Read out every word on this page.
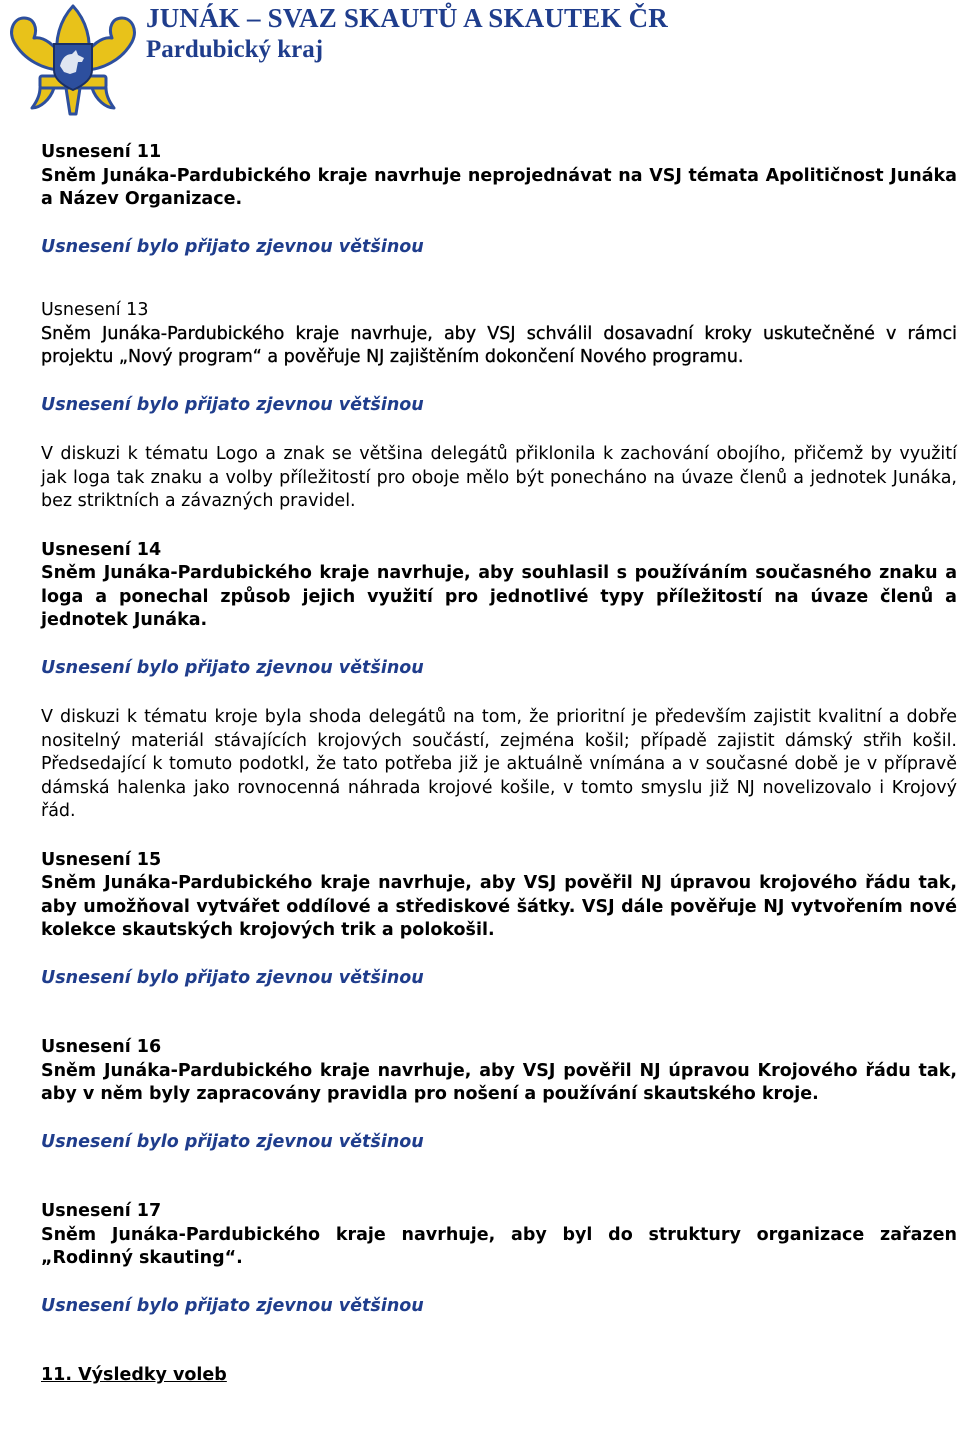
JUNÁK – SVAZ SKAUTŮ A SKAUTEK ČR
Pardubický kraj
Usnesení 11
Sněm Junáka-Pardubického kraje navrhuje neprojednávat na VSJ témata Apolitičnost Junáka a Název Organizace.
Usnesení bylo přijato zjevnou většinou
Usnesení 13
Sněm Junáka-Pardubického kraje navrhuje, aby VSJ schválil dosavadní kroky uskutečněné v rámci projektu „Nový program“ a pověřuje NJ zajištěním dokončení Nového programu.
Usnesení bylo přijato zjevnou většinou
V diskuzi k tématu Logo a znak se většina delegátů přiklonila k zachování obojího, přičemž by využití jak loga tak znaku a volby příležitostí pro oboje mělo být ponecháno na úvaze členů a jednotek Junáka, bez striktních a závazných pravidel.
Usnesení 14
Sněm Junáka-Pardubického kraje navrhuje, aby souhlasil s používáním současného znaku a loga a ponechal způsob jejich využití pro jednotlivé typy příležitostí na úvaze členů a jednotek Junáka.
Usnesení bylo přijato zjevnou většinou
V diskuzi k tématu kroje byla shoda delegátů na tom, že prioritní je především zajistit kvalitní a dobře nositelný materiál stávajících krojových součástí, zejména košil; případě zajistit dámský střih košil. Předsedající k tomuto podotkl, že tato potřeba již je aktuálně vnímána a v současné době je v přípravě dámská halenka jako rovnocenná náhrada krojové košile, v tomto smyslu již NJ novelizovalo i Krojový řád.
Usnesení 15
Sněm Junáka-Pardubického kraje navrhuje, aby VSJ pověřil NJ úpravou krojového řádu tak, aby umožňoval vytvářet oddílové a střediskové šátky. VSJ dále pověřuje NJ vytvořením nové kolekce skautských krojových trik a polokošil.
Usnesení bylo přijato zjevnou většinou
Usnesení 16
Sněm Junáka-Pardubického kraje navrhuje, aby VSJ pověřil NJ úpravou Krojového řádu tak, aby v něm byly zapracovány pravidla pro nošení a používání skautského kroje.
Usnesení bylo přijato zjevnou většinou
Usnesení 17
Sněm Junáka-Pardubického kraje navrhuje, aby byl do struktury organizace zařazen „Rodinný skauting“.
Usnesení bylo přijato zjevnou většinou
11. Výsledky voleb
